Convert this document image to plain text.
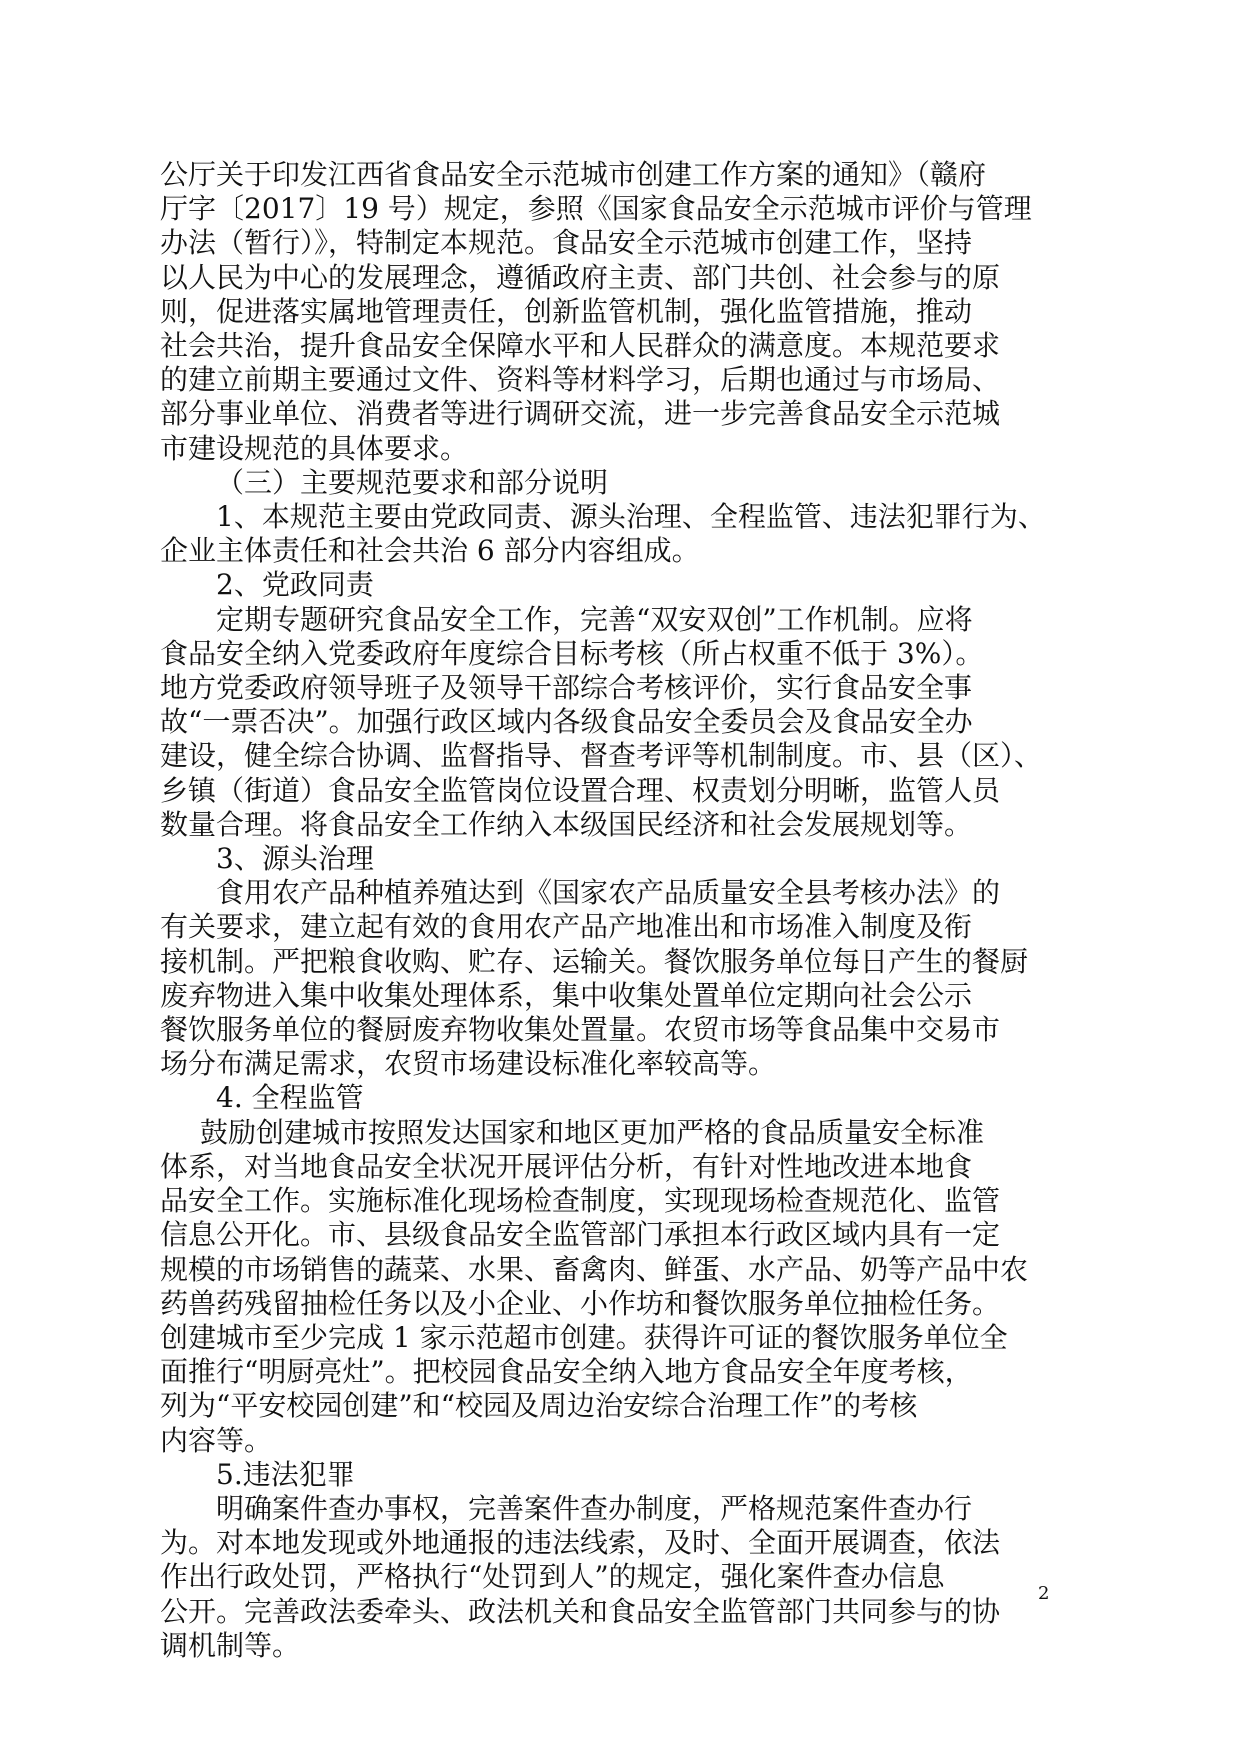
公厅关于印发江西省食品安全示范城市创建工作方案的通知》（赣府

厅字〔2017〕19 号）规定，参照《国家食品安全示范城市评价与管理

办法（暂行）》，特制定本规范。食品安全示范城市创建工作，坚持

以人民为中心的发展理念，遵循政府主责、部门共创、社会参与的原

则，促进落实属地管理责任，创新监管机制，强化监管措施，推动

社会共治，提升食品安全保障水平和人民群众的满意度。本规范要求

的建立前期主要通过文件、资料等材料学习，后期也通过与市场局、

部分事业单位、消费者等进行调研交流，进一步完善食品安全示范城

市建设规范的具体要求。

（三）主要规范要求和部分说明

1、本规范主要由党政同责、源头治理、全程监管、违法犯罪行为、

企业主体责任和社会共治 6 部分内容组成。

2、党政同责

定期专题研究食品安全工作，完善“双安双创”工作机制。应将

食品安全纳入党委政府年度综合目标考核（所占权重不低于 3%）。

地方党委政府领导班子及领导干部综合考核评价，实行食品安全事

故“一票否决”。加强行政区域内各级食品安全委员会及食品安全办

建设，健全综合协调、监督指导、督查考评等机制制度。市、县（区）、

乡镇（街道）食品安全监管岗位设置合理、权责划分明晰，监管人员

数量合理。将食品安全工作纳入本级国民经济和社会发展规划等。

3、源头治理

食用农产品种植养殖达到《国家农产品质量安全县考核办法》的

有关要求，建立起有效的食用农产品产地准出和市场准入制度及衔

接机制。严把粮食收购、贮存、运输关。餐饮服务单位每日产生的餐厨

废弃物进入集中收集处理体系，集中收集处置单位定期向社会公示

餐饮服务单位的餐厨废弃物收集处置量。农贸市场等食品集中交易市

场分布满足需求，农贸市场建设标准化率较高等。

4. 全程监管

鼓励创建城市按照发达国家和地区更加严格的食品质量安全标准

体系，对当地食品安全状况开展评估分析，有针对性地改进本地食

品安全工作。实施标准化现场检查制度，实现现场检查规范化、监管

信息公开化。市、县级食品安全监管部门承担本行政区域内具有一定

规模的市场销售的蔬菜、水果、畜禽肉、鲜蛋、水产品、奶等产品中农

药兽药残留抽检任务以及小企业、小作坊和餐饮服务单位抽检任务。

创建城市至少完成 1 家示范超市创建。获得许可证的餐饮服务单位全

面推行“明厨亮灶”。把校园食品安全纳入地方食品安全年度考核，

列为“平安校园创建”和“校园及周边治安综合治理工作”的考核

内容等。

5.违法犯罪

明确案件查办事权，完善案件查办制度，严格规范案件查办行

为。对本地发现或外地通报的违法线索，及时、全面开展调查，依法

作出行政处罚，严格执行“处罚到人”的规定，强化案件查办信息

公开。完善政法委牵头、政法机关和食品安全监管部门共同参与的协

调机制等。

2
